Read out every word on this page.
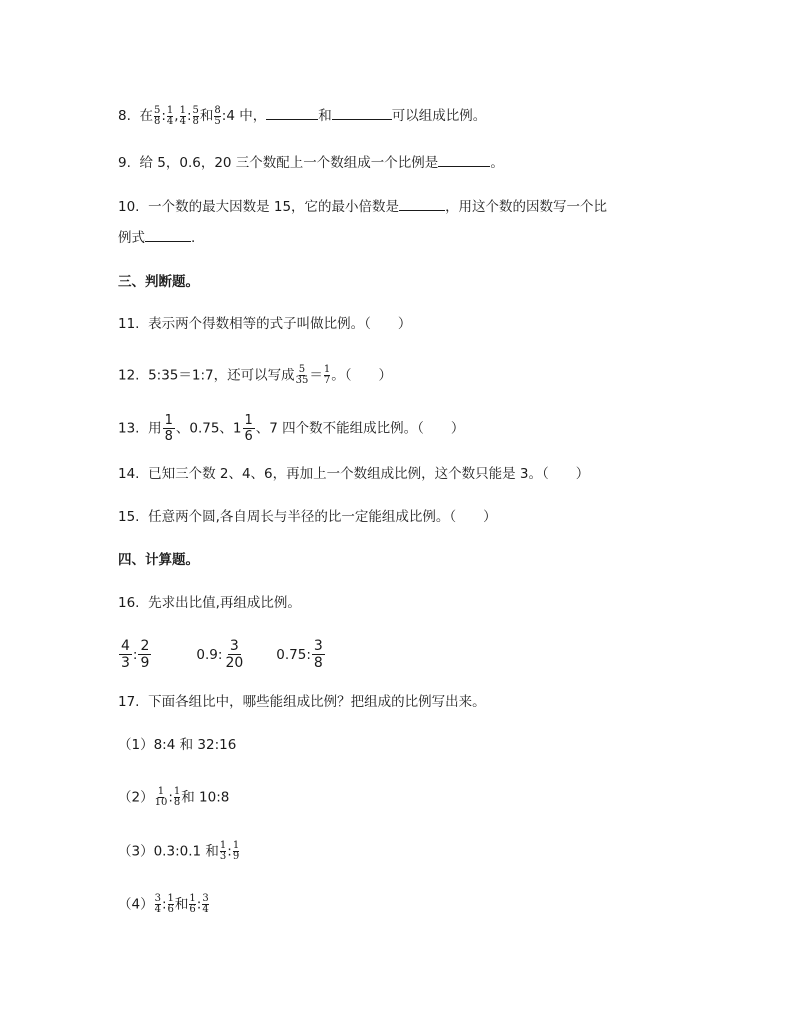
8. 在 $\frac{5}{8}$ : $\frac{1}{4}$ , $\frac{1}{4}$ : $\frac{5}{8}$ 和 $\frac{8}{5}$ :4 中，	和	可以组成比例。
9. 给 5，0.6，20 三个数配上一个数组成一个比例是	。
10. 一个数的最大因数是 15，它的最小倍数是	，用这个数的因数写一个比
例式	.
三、判断题。
11. 表示两个得数相等的式子叫做比例。（　　）
12. 5:35＝1:7，还可以写成 $\frac{5}{35} = \frac{1}{7}$ 。（　　）
13. 用 $\frac{1}{8}$ 、0.75、$1 \frac{1}{6}$ 、7 四个数不能组成比例。（　　）
14. 已知三个数 2、4、6，再加上一个数组成比例，这个数只能是 3。（　　）
15. 任意两个圆,各自周长与半径的比一定能组成比例。（　　）
四、计算题。
16. 先求出比值,再组成比例。
$\frac{4}{3}$ : $\frac{2}{9}$	0.9: $\frac{3}{20} 0.75$: $\frac{3}{8}$
17. 下面各组比中，哪些能组成比例？把组成的比例写出来。
（1）8:4 和 32:16
$(2) \frac{1}{10}$ : $\frac{1}{8}$ 和 10:8
（3）0.3:0.1 和 $\frac{1}{3}$ : $\frac{1}{9}$
$(4) \frac{3}{4}$ : $\frac{1}{6}$ 和 $\frac{1}{6}$ : $\frac{3}{4}$
